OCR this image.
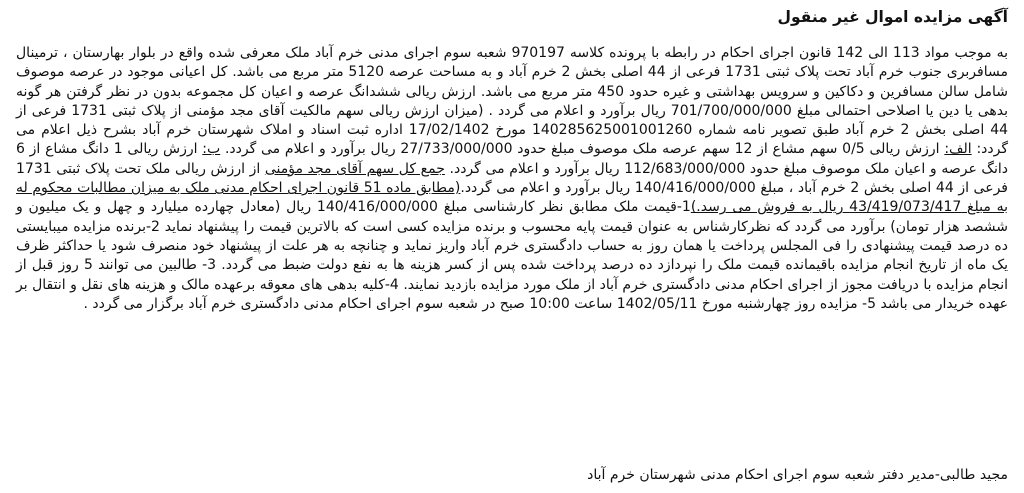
آگهی مزایده اموال غیر منقول

به موجب مواد 113 الی 142 قانون اجرای احکام در رابطه با پرونده کلاسه 970197 شعبه سوم اجرای مدنی خرم آباد ملک معرفی شده واقع در بلوار بهارستان ، ترمینال مسافربری جنوب خرم آباد تحت پلاک ثبتی 1731 فرعی از 44 اصلی بخش 2 خرم آباد و به مساحت عرصه 5120 متر مربع می باشد. کل اعیانی موجود در عرصه موصوف شامل سالن مسافرین و دکاکین و سرویس بهداشتی و غیره حدود 450 متر مربع می باشد. ارزش ریالی ششدانگ عرصه و اعیان کل مجموعه بدون در نظر گرفتن هر گونه بدهی یا دین یا اصلاحی احتمالی مبلغ 701/700/000/000 ریال برآورد و اعلام می گردد . (میزان ارزش ریالی سهم مالکیت آقای مجد مؤمنی از پلاک ثبتی 1731 فرعی از 44 اصلی بخش 2 خرم آباد طبق تصویر نامه شماره 140285625001001260 مورخ 17/02/1402 اداره ثبت اسناد و املاک شهرستان خرم آباد بشرح ذیل اعلام می گردد: الف: ارزش ریالی 0/5 سهم مشاع از 12 سهم عرصه ملک موصوف مبلغ حدود 27/733/000/000 ریال برآورد و اعلام می گردد. ب: ارزش ریالی 1 دانگ مشاع از 6 دانگ عرصه و اعیان ملک موصوف مبلغ حدود 112/683/000/000 ریال برآورد و اعلام می گردد. جمع کل سهم آقای مجد مؤمنی از ارزش ریالی ملک تحت پلاک ثبتی 1731 فرعی از 44 اصلی بخش 2 خرم آباد ، مبلغ 140/416/000/000 ریال برآورد و اعلام می گردد.(مطابق ماده 51 قانون اجرای احکام مدنی ملک به میزان مطالبات محکوم له به مبلغ 43/419/073/417 ریال به فروش می رسد.)1-قیمت ملک مطابق نظر کارشناسی مبلغ 140/416/000/000 ریال (معادل چهارده میلیارد و چهل و یک میلیون و ششصد هزار تومان) برآورد می گردد که نظرکارشناس به عنوان قیمت پایه محسوب و برنده مزایده کسی است که بالاترین قیمت را پیشنهاد نماید 2-برنده مزایده میبایستی ده درصد قیمت پیشنهادی را فی المجلس پرداخت یا همان روز به حساب دادگستری خرم آباد واریز نماید و چنانچه به هر علت از پیشنهاد خود منصرف شود یا حداکثر ظرف یک ماه از تاریخ انجام مزایده باقیمانده قیمت ملک را نپردازد ده درصد پرداخت شده پس از کسر هزینه ها به نفع دولت ضبط می گردد. 3- طالبین می توانند 5 روز قبل از انجام مزایده با دریافت مجوز از اجرای احکام مدنی دادگستری خرم آباد از ملک مورد مزایده بازدید نمایند. 4-کلیه بدهی های معوقه برعهده مالک و هزینه های نقل و انتقال بر عهده خریدار می باشد 5- مزایده روز چهارشنبه مورخ 1402/05/11 ساعت 10:00 صبح در شعبه سوم اجرای احکام مدنی دادگستری خرم آباد برگزار می گردد .

مجید طالبی-مدیر دفتر شعبه سوم اجرای احکام مدنی شهرستان خرم آباد
